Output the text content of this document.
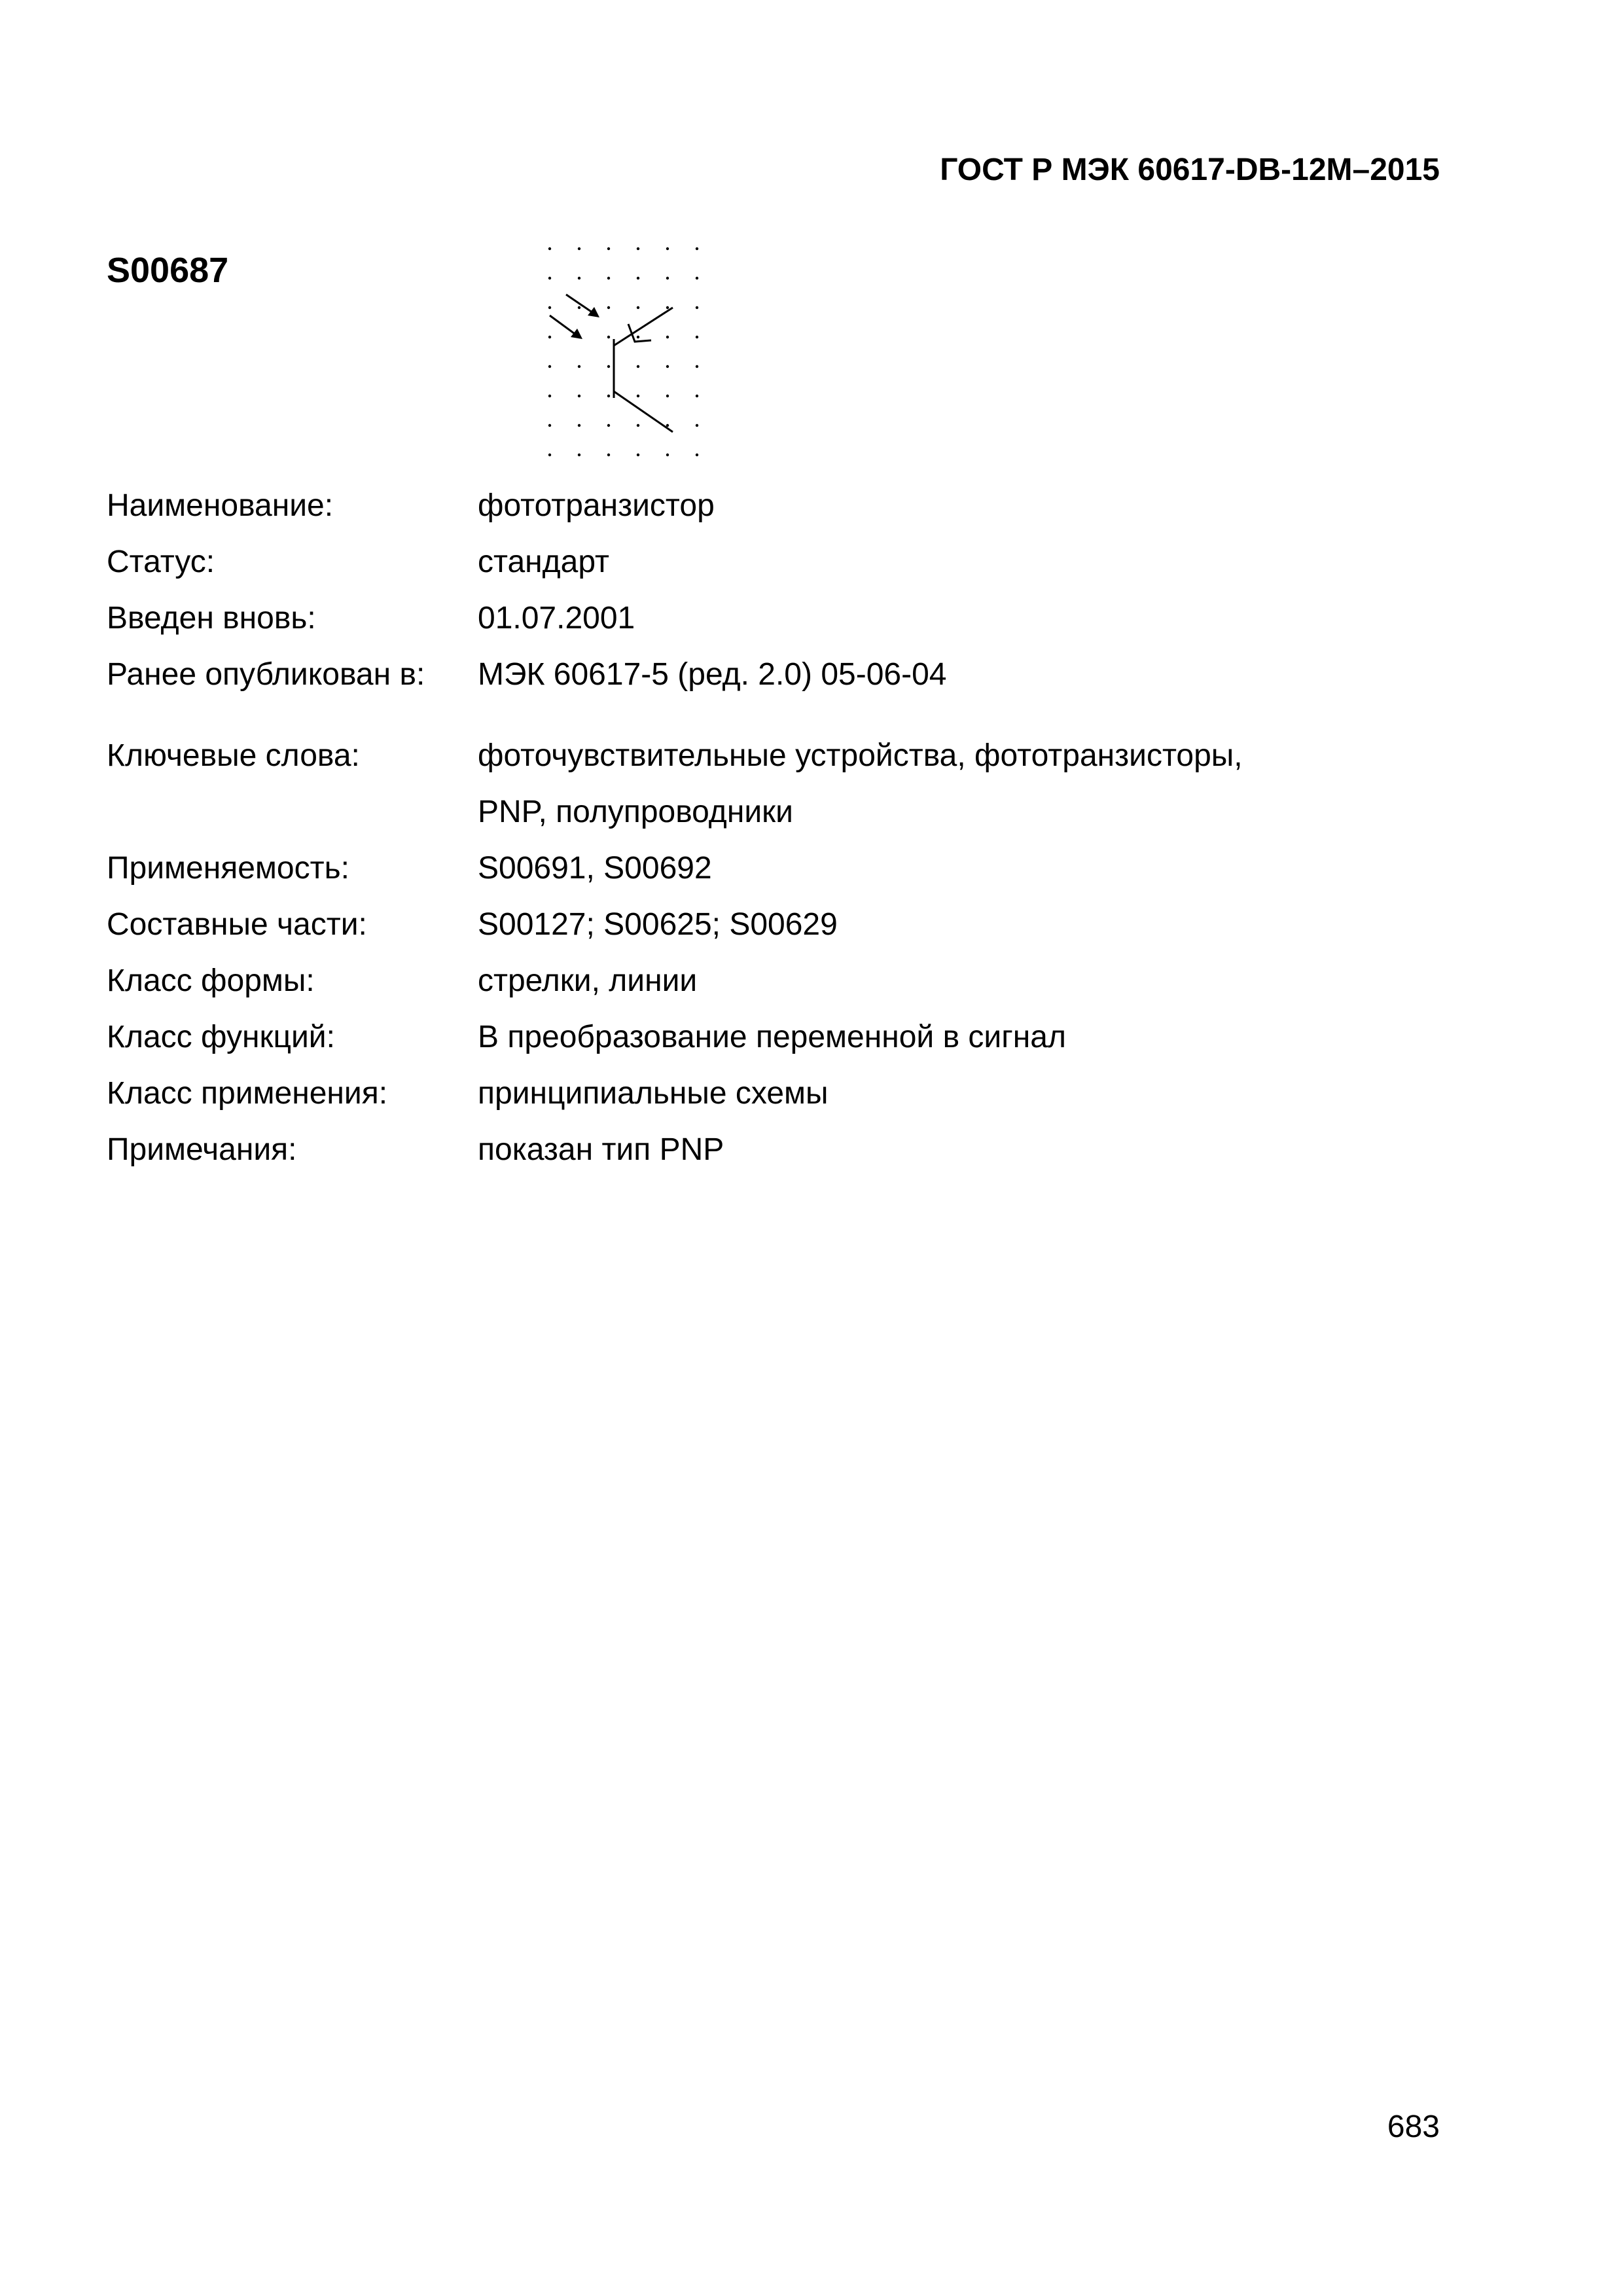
ГОСТ Р МЭК 60617-DB-12М–2015
S00687
Наименование:	фототранзистор
Статус:	стандарт
Введен вновь:	01.07.2001
Ранее опубликован в:	МЭК 60617-5 (ред. 2.0) 05-06-04
Ключевые слова:	фоточувствительные устройства, фототранзисторы,
PNP, полупроводники
Применяемость:	S00691, S00692
Составные части:	S00127; S00625; S00629
Класс формы:	стрелки, линии
Класс функций:	B преобразование переменной в сигнал
Класс применения:	принципиальные схемы
Примечания:	показан тип PNP
683
